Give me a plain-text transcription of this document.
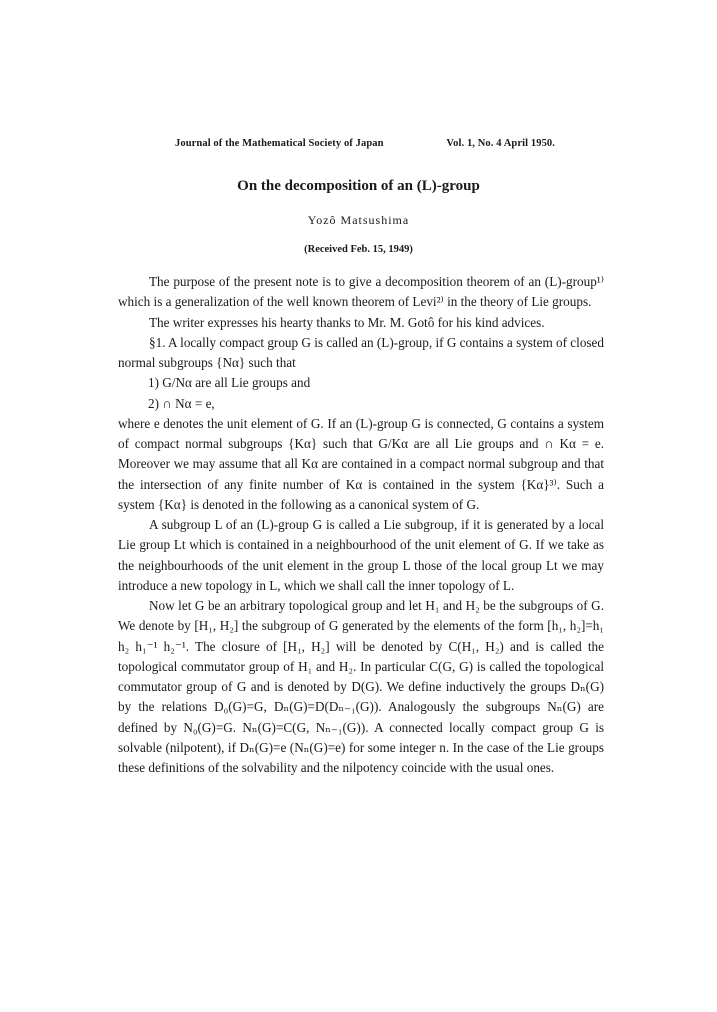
Journal of the Mathematical Society of Japan	Vol. 1, No. 4 April 1950.
On the decomposition of an (L)-group
Yozô Matsushima
(Received Feb. 15, 1949)

The purpose of the present note is to give a decomposition theorem of an (L)-group¹⁾ which is a generalization of the well known theorem of Levi²⁾ in the theory of Lie groups.

The writer expresses his hearty thanks to Mr. M. Gotô for his kind advices.

§1. A locally compact group G is called an (L)-group, if G contains a system of closed normal subgroups {Nα} such that

1) G/Nα are all Lie groups and
2) ∩ Nα = e,

where e denotes the unit element of G. If an (L)-group G is connected, G contains a system of compact normal subgroups {Kα} such that G/Kα are all Lie groups and ∩ Kα = e. Moreover we may assume that all Kα are contained in a compact normal subgroup and that the intersection of any finite number of Kα is contained in the system {Kα}³⁾. Such a system {Kα} is denoted in the following as a canonical system of G.

A subgroup L of an (L)-group G is called a Lie subgroup, if it is generated by a local Lie group Lt which is contained in a neighbourhood of the unit element of G. If we take as the neighbourhoods of the unit element in the group L those of the local group Lt we may introduce a new topology in L, which we shall call the inner topology of L.

Now let G be an arbitrary topological group and let H₁ and H₂ be the subgroups of G. We denote by [H₁, H₂] the subgroup of G generated by the elements of the form [h₁, h₂]=h₁ h₂ h₁⁻¹ h₂⁻¹. The closure of [H₁, H₂] will be denoted by C(H₁, H₂) and is called the topological commutator group of H₁ and H₂. In particular C(G, G) is called the topological commutator group of G and is denoted by D(G). We define inductively the groups Dₙ(G) by the relations D₀(G)=G, Dₙ(G)=D(Dₙ₋₁(G)). Analogously the subgroups Nₙ(G) are defined by N₀(G)=G. Nₙ(G)=C(G, Nₙ₋₁(G)). A connected locally compact group G is solvable (nilpotent), if Dₙ(G)=e (Nₙ(G)=e) for some integer n. In the case of the Lie groups these definitions of the solvability and the nilpotency coincide with the usual ones.
